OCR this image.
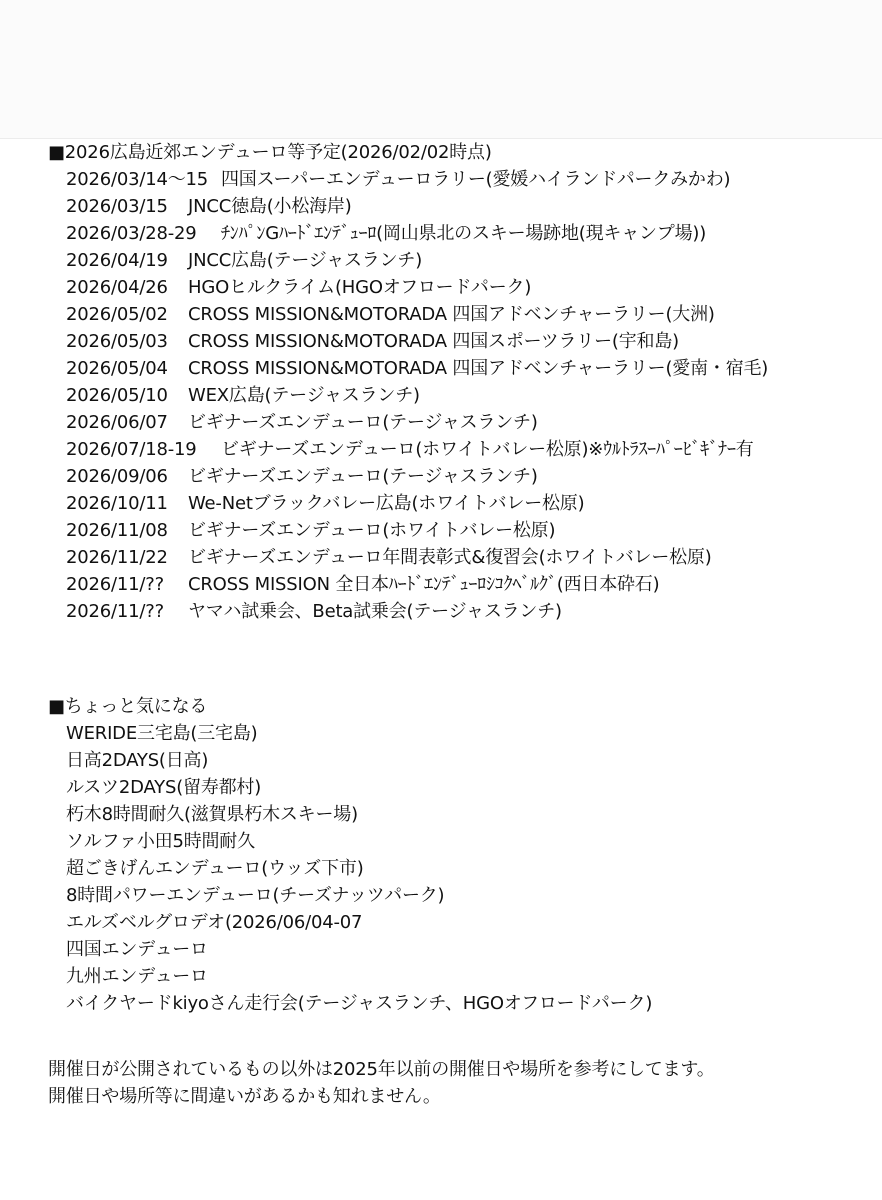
■2026広島近郊エンデューロ等予定(2026/02/02時点)
2026/03/14〜15 四国スーパーエンデューロラリー(愛媛ハイランドパークみかわ)
2026/03/15 JNCC徳島(小松海岸)
2026/03/28-29 ﾁﾝﾊﾟﾝGﾊｰﾄﾞｴﾝﾃﾞｭｰﾛ(岡山県北のスキー場跡地(現キャンプ場))
2026/04/19 JNCC広島(テージャスランチ)
2026/04/26 HGOヒルクライム(HGOオフロードパーク)
2026/05/02 CROSS MISSION&MOTORADA 四国アドベンチャーラリー(大洲)
2026/05/03 CROSS MISSION&MOTORADA 四国スポーツラリー(宇和島)
2026/05/04 CROSS MISSION&MOTORADA 四国アドベンチャーラリー(愛南・宿毛)
2026/05/10 WEX広島(テージャスランチ)
2026/06/07 ビギナーズエンデューロ(テージャスランチ)
2026/07/18-19 ビギナーズエンデューロ(ホワイトバレー松原)※ｳﾙﾄﾗｽｰﾊﾟｰﾋﾞｷﾞﾅｰ有
2026/09/06 ビギナーズエンデューロ(テージャスランチ)
2026/10/11 We-Netブラックバレー広島(ホワイトバレー松原)
2026/11/08 ビギナーズエンデューロ(ホワイトバレー松原)
2026/11/22 ビギナーズエンデューロ年間表彰式&復習会(ホワイトバレー松原)
2026/11/?? CROSS MISSION 全日本ﾊｰﾄﾞｴﾝﾃﾞｭｰﾛｼｺｸﾍﾞﾙｸﾞ(西日本砕石)
2026/11/?? ヤマハ試乗会、Beta試乗会(テージャスランチ)
■ちょっと気になる
WERIDE三宅島(三宅島)
日高2DAYS(日高)
ルスツ2DAYS(留寿都村)
朽木8時間耐久(滋賀県朽木スキー場)
ソルファ小田5時間耐久
超ごきげんエンデューロ(ウッズ下市)
8時間パワーエンデューロ(チーズナッツパーク)
エルズベルグロデオ(2026/06/04-07
四国エンデューロ
九州エンデューロ
バイクヤードkiyoさん走行会(テージャスランチ、HGOオフロードパーク)
開催日が公開されているもの以外は2025年以前の開催日や場所を参考にしてます。
開催日や場所等に間違いがあるかも知れません。
